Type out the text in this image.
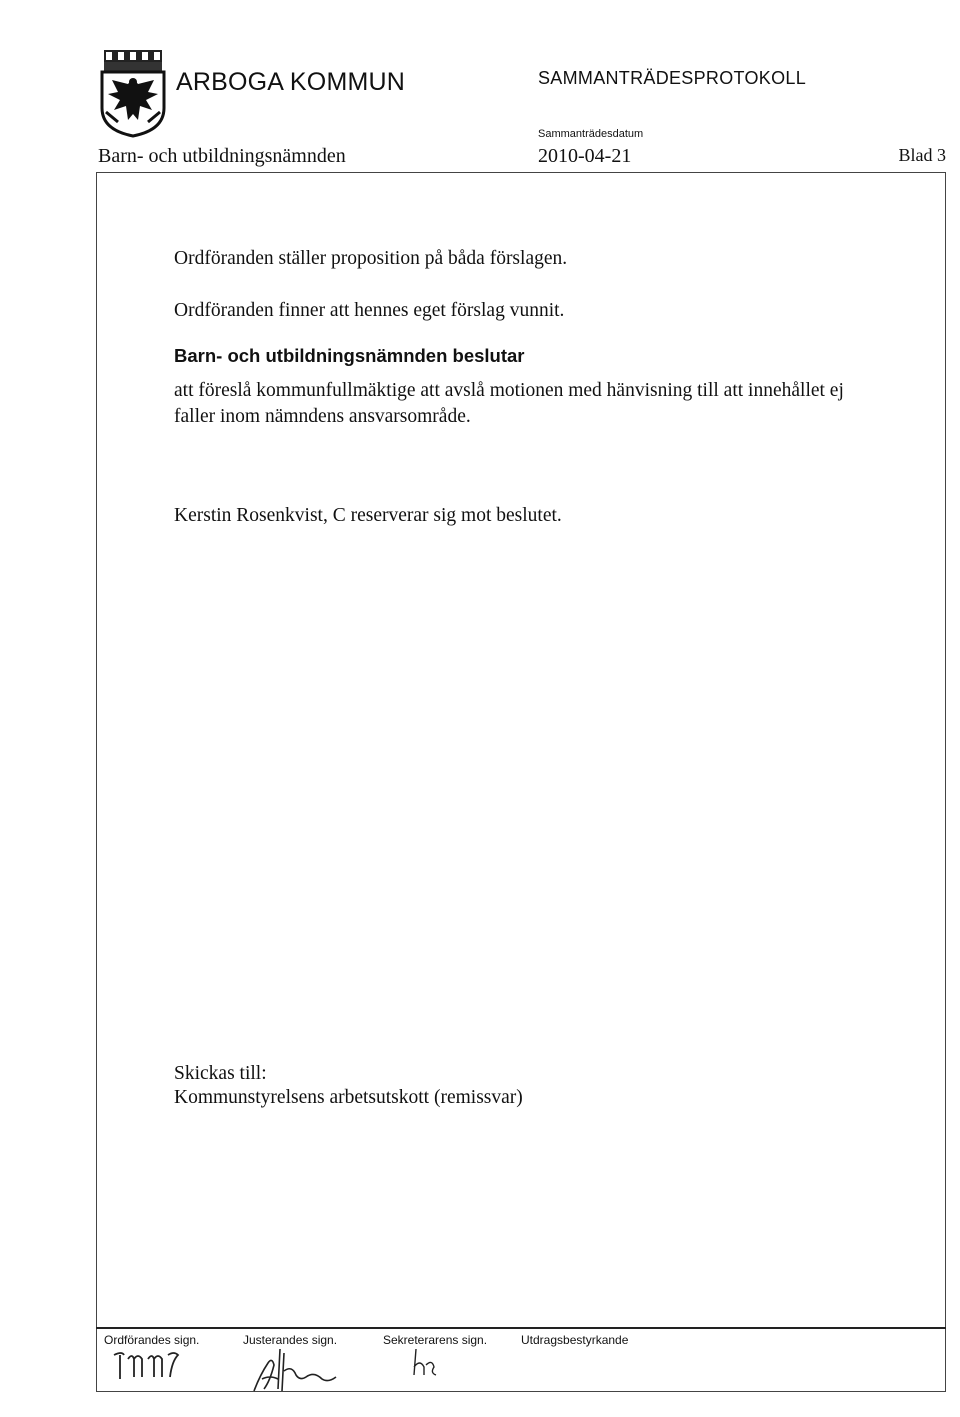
ARBOGA KOMMUN	SAMMANTRÄDESPROTOKOLL
Sammanträdesdatum
Barn- och utbildningsnämnden	2010-04-21	Blad 3
Ordföranden ställer proposition på båda förslagen.
Ordföranden finner att hennes eget förslag vunnit.
Barn- och utbildningsnämnden beslutar
att föreslå kommunfullmäktige att avslå motionen med hänvisning till att innehållet ej faller inom nämndens ansvarsområde.
Kerstin Rosenkvist, C reserverar sig mot beslutet.
Skickas till:
Kommunstyrelsens arbetsutskott (remissvar)
Ordförandes sign.	Justerandes sign.	Sekreterarens sign.	Utdragsbestyrkande
